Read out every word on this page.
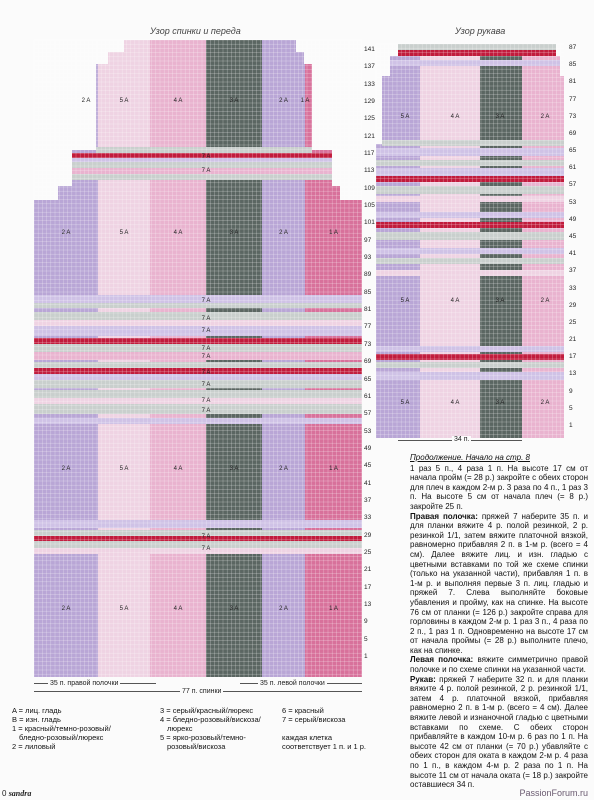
Узор спинки и переда	Узор рукава
2 A	5 A	4 A	3 A	2 A 1 A
2 A	5 A	4 A	3 A	2 A	1 A
2 A	5 A	4 A	3 A	2 A	1 A
2 A	5 A	4 A	3 A	2 A	1 A
7 A
7 A
7 A
7 A
7 A
7 A
7 A
7 A
7 A
7 A
7 A
7 A
7 A
5 A	4 A	3 A	2 A
5 A	4 A	3 A	2 A
5 A	4 A	3 A	2 A
141
137
133
129
125
121
117
113
109
105
101
97
93
89
85
81
77
73
69
65
61
57
53
49
45
41
37
33
29
25
21
17
13
9
5
1
87
85
81
77
73
69
65
61
57
53
49
45
41
37
33
29
25
21
17
13
9
5
1
35 п. правой полочки	35 п. левой полочки
77 п. спинки
34 п.
A = лиц. гладь
B = изн. гладь
1 = красный/темно-розовый/
бледно-розовый/люрекс
2 = лиловый
3 = серый/красный/люрекс
4 = бледно-розовый/вискоза/
люрекс
5 = ярко-розовый/темно-
розовый/вискоза
6 = красный
7 = серый/вискоза

каждая клетка
соответствует 1 п. и 1 р.

Продолжение. Начало на стр. 8

1 раз 5 п., 4 раза 1 п. На высоте 17 см от начала пройм (= 28 р.) закройте с обеих сторон для плеч в каждом 2-м р. 3 раза по 4 п., 1 раз 3 п. На высоте 5 см от начала плеч (= 8 р.) закройте 25 п.

Правая полочка: пряжей 7 наберите 35 п. и для планки вяжите 4 р. полой резинкой, 2 р. резинкой 1/1, затем вяжите платочной вязкой, равномерно прибавляя 2 п. в 1-м р. (всего = 4 см). Далее вяжите лиц. и изн. гладью с цветными вставками по той же схеме спинки (только на указанной части), прибавляя 1 п. в 1-м р. и выполняя первые 3 п. лиц. гладью и пряжей 7. Слева выполняйте боковые убавления и пройму, как на спинке. На высоте 76 см от планки (= 126 р.) закройте справа для горловины в каждом 2-м р. 1 раз 3 п., 4 раза по 2 п., 1 раз 1 п. Одновременно на высоте 17 см от начала проймы (= 28 р.) выполните плечо, как на спинке.

Левая полочка: вяжите симметрично правой полочке и по схеме спинки на указанной части.

Рукав: пряжей 7 наберите 32 п. и для планки вяжите 4 р. полой резинкой, 2 р. резинкой 1/1, затем 4 р. платочной вязкой, прибавляя равномерно 2 п. в 1-м р. (всего = 4 см). Далее вяжите левой и изнаночной гладью с цветными вставками по схеме. С обеих сторон прибавляйте в каждом 10-м р. 6 раз по 1 п. На высоте 42 см от планки (= 70 р.) убавляйте с обеих сторон для оката в каждом 2-м р. 4 раза по 1 п., в каждом 4-м р. 2 раза по 1 п. На высоте 11 см от начала оката (= 18 р.) закройте оставшиеся 34 п.

0 sandra	PassionForum.ru
